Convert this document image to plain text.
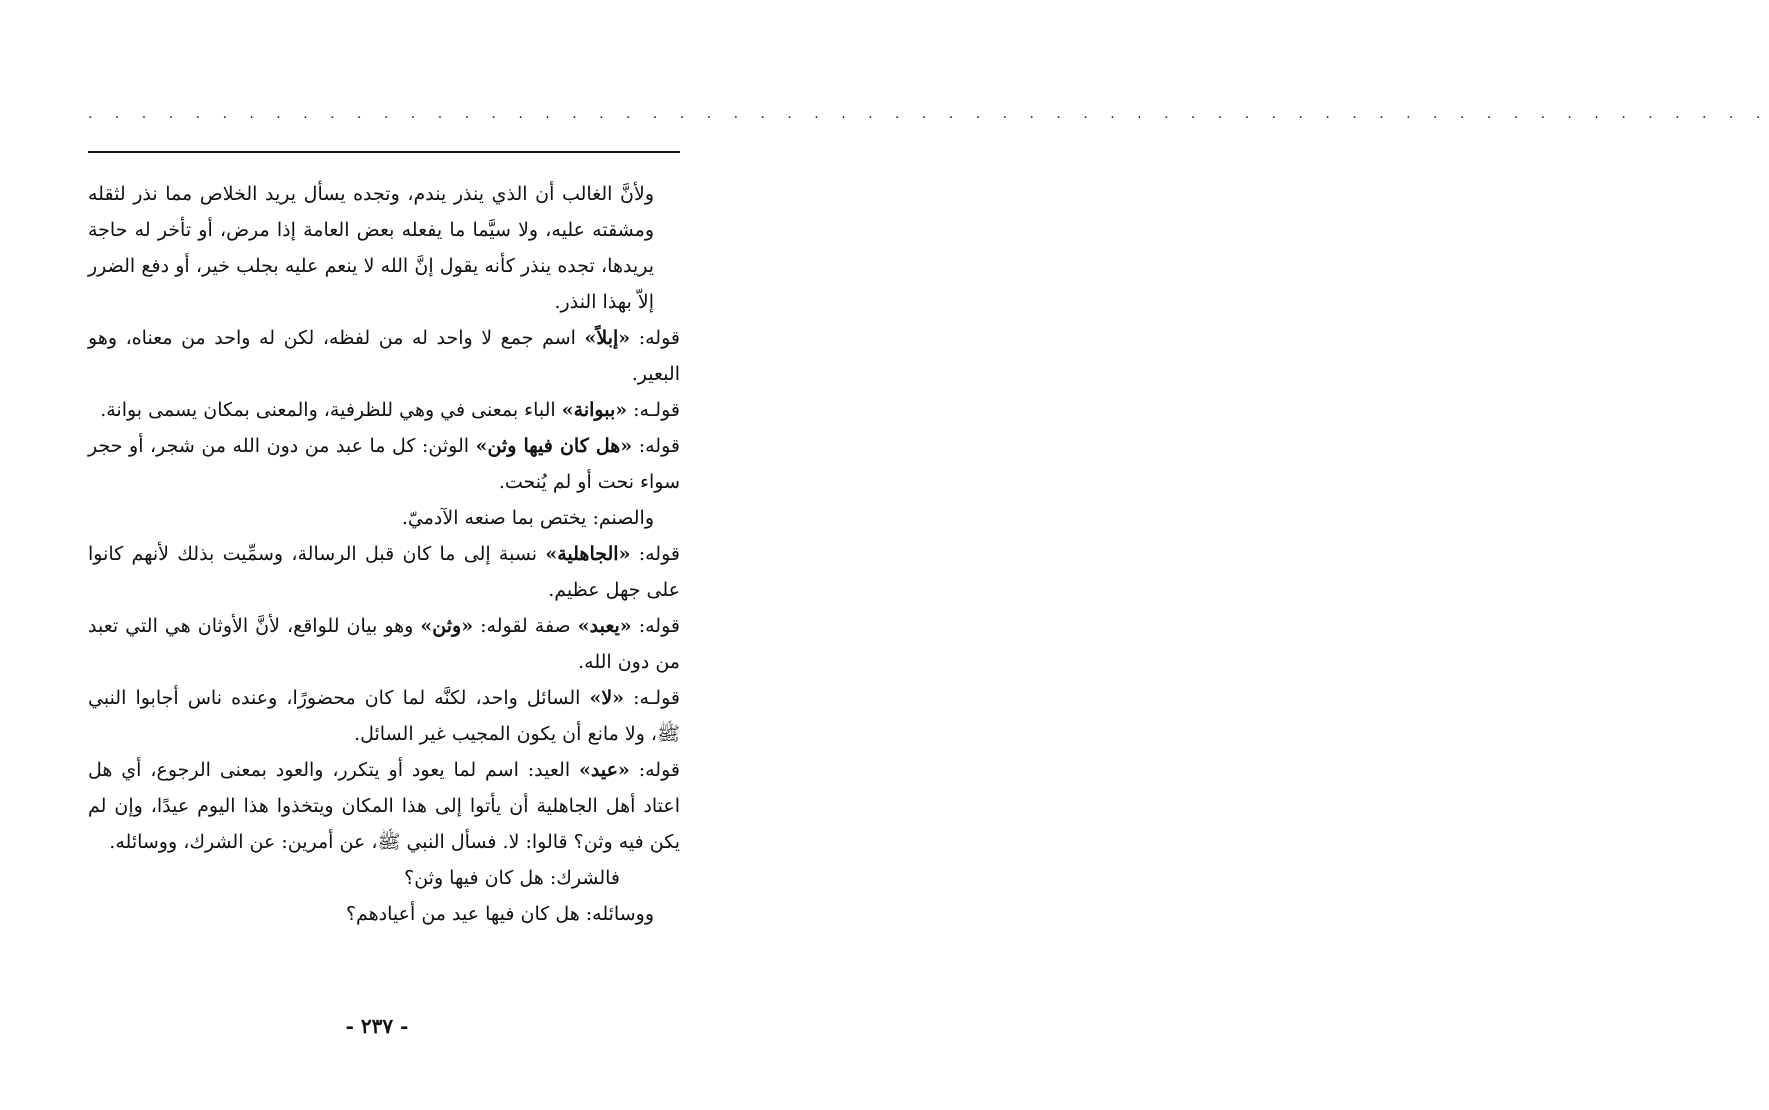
. . . . . . . . . . . . . . . . . . . . . . . . . . . . . . . . . . . . . . . . . . . . . . . . . . . . . . . . . . . . . . .

ولأنَّ الغالب أن الذي ينذر يندم، وتجده يسأل يريد الخلاص مما نذر لثقله ومشقته عليه، ولا سيَّما ما يفعله بعض العامة إذا مرض، أو تأخر له حاجة يريدها، تجده ينذر كأنه يقول إنَّ الله لا ينعم عليه بجلب خير، أو دفع الضرر إلاّ بهذا النذر.

قوله: «إبلاً» اسم جمع لا واحد له من لفظه، لكن له واحد من معناه، وهو البعير.

قولـه: «ببوانة» الباء بمعنى في وهي للظرفية، والمعنى بمكان يسمى بوانة.

قوله: «هل كان فيها وثن» الوثن: كل ما عبد من دون الله من شجر، أو حجر سواء نحت أو لم يُنحت.

والصنم: يختص بما صنعه الآدميّ.

قوله: «الجاهلية» نسبة إلى ما كان قبل الرسالة، وسمِّيت بذلك لأنهم كانوا على جهل عظيم.

قوله: «يعبد» صفة لقوله: «وثن» وهو بيان للواقع، لأنَّ الأوثان هي التي تعبد من دون الله.

قولـه: «لا» السائل واحد، لكنَّه لما كان محضورًا، وعنده ناس أجابوا النبي ﷺ، ولا مانع أن يكون المجيب غير السائل.

قوله: «عيد» العيد: اسم لما يعود أو يتكرر، والعود بمعنى الرجوع، أي هل اعتاد أهل الجاهلية أن يأتوا إلى هذا المكان ويتخذوا هذا اليوم عيدًا، وإن لم يكن فيه وثن؟ قالوا: لا. فسأل النبي ﷺ، عن أمرين: عن الشرك، ووسائله.

فالشرك: هل كان فيها وثن؟

ووسائله: هل كان فيها عيد من أعيادهم؟

- ٢٣٧ -
